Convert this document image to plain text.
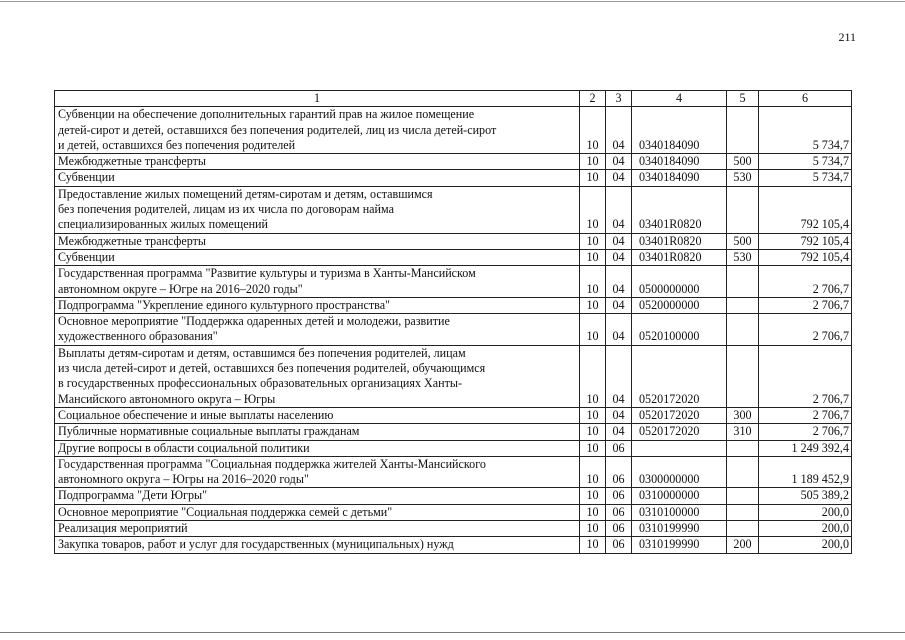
211
1	2	3	4	5	6
Субвенции на обеспечение дополнительных гарантий прав на жилое помещение
детей-сирот и детей, оставшихся без попечения родителей, лиц из числа детей-сирот
и детей, оставшихся без попечения родителей	10	04	0340184090		5 734,7
Межбюджетные трансферты	10	04	0340184090	500	5 734,7
Субвенции	10	04	0340184090	530	5 734,7
Предоставление жилых помещений детям-сиротам и детям, оставшимся
без попечения родителей, лицам из их числа по договорам найма
специализированных жилых помещений	10	04	03401R0820		792 105,4
Межбюджетные трансферты	10	04	03401R0820	500	792 105,4
Субвенции	10	04	03401R0820	530	792 105,4
Государственная программа "Развитие культуры и туризма в Ханты-Мансийском
автономном округе – Югре на 2016–2020 годы"	10	04	0500000000		2 706,7
Подпрограмма "Укрепление единого культурного пространства"	10	04	0520000000		2 706,7
Основное мероприятие "Поддержка одаренных детей и молодежи, развитие
художественного образования"	10	04	0520100000		2 706,7
Выплаты детям-сиротам и детям, оставшимся без попечения родителей, лицам
из числа детей-сирот и детей, оставшихся без попечения родителей, обучающимся
в государственных профессиональных образовательных организациях Ханты-
Мансийского автономного округа – Югры	10	04	0520172020		2 706,7
Социальное обеспечение и иные выплаты населению	10	04	0520172020	300	2 706,7
Публичные нормативные социальные выплаты гражданам	10	04	0520172020	310	2 706,7
Другие вопросы в области социальной политики	10	06			1 249 392,4
Государственная программа "Социальная поддержка жителей Ханты-Мансийского
автономного округа – Югры на 2016–2020 годы"	10	06	0300000000		1 189 452,9
Подпрограмма "Дети Югры"	10	06	0310000000		505 389,2
Основное мероприятие "Социальная поддержка семей с детьми"	10	06	0310100000		200,0
Реализация мероприятий	10	06	0310199990		200,0
Закупка товаров, работ и услуг для государственных (муниципальных) нужд	10	06	0310199990	200	200,0
